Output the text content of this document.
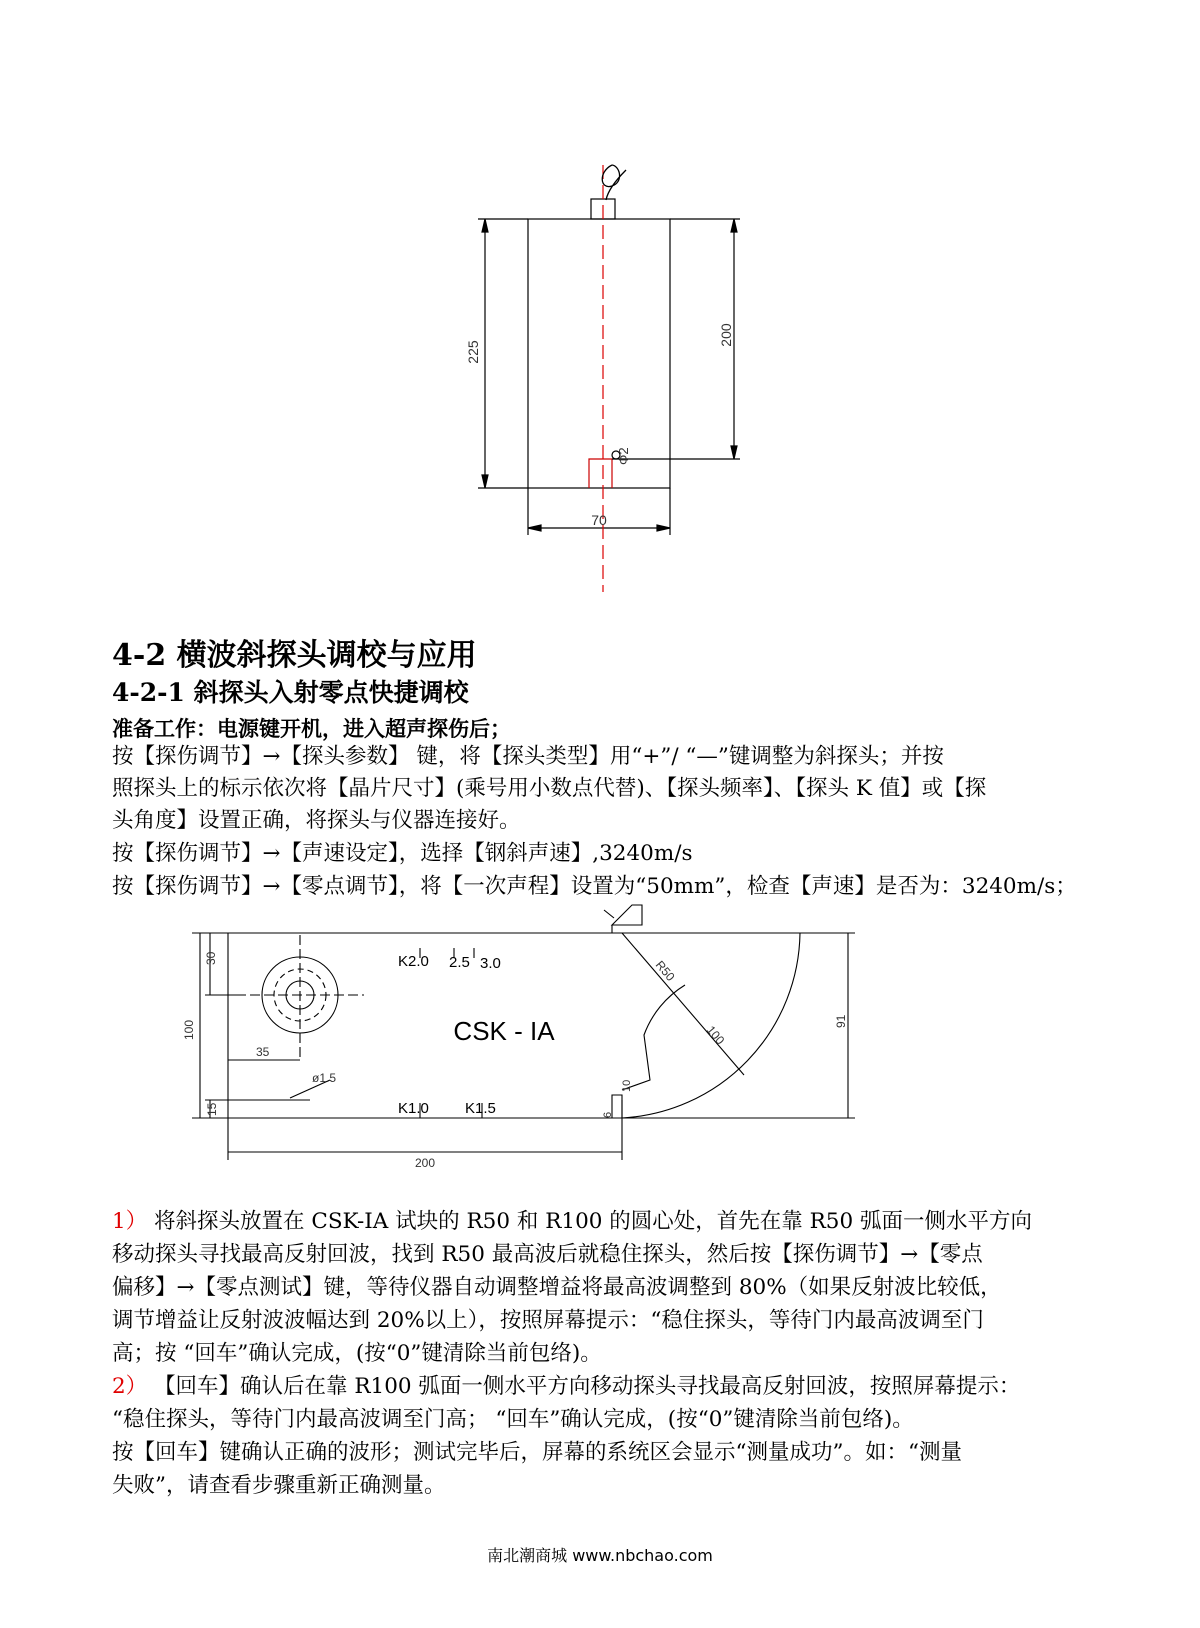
225
200
70
Φ2
4-2 横波斜探头调校与应用
4-2-1 斜探头入射零点快捷调校
准备工作：电源键开机，进入超声探伤后；
按【探伤调节】→【探头参数】 键，将【探头类型】用“+”/ “—”键调整为斜探头；并按
照探头上的标示依次将【晶片尺寸】(乘号用小数点代替)、【探头频率】、【探头 K 值】或【探
头角度】设置正确，将探头与仪器连接好。
按【探伤调节】→【声速设定】，选择【钢斜声速】,3240m/s
按【探伤调节】→【零点调节】，将【一次声程】设置为“50mm”，检查【声速】是否为：3240m/s；
CSK - IA
K2.0 2.5 3.0
K1.0 K1.5
30
100
35
15
ø1.5
200
R50
100
91
6
10
1） 将斜探头放置在 CSK-IA 试块的 R50 和 R100 的圆心处，首先在靠 R50 弧面一侧水平方向
移动探头寻找最高反射回波，找到 R50 最高波后就稳住探头，然后按【探伤调节】→【零点
偏移】→【零点测试】键，等待仪器自动调整增益将最高波调整到 80%（如果反射波比较低，
调节增益让反射波波幅达到 20%以上），按照屏幕提示：“稳住探头，等待门内最高波调至门
高；按 “回车”确认完成，(按“0”键清除当前包络)。
2） 【回车】确认后在靠 R100 弧面一侧水平方向移动探头寻找最高反射回波，按照屏幕提示：
“稳住探头，等待门内最高波调至门高； “回车”确认完成，(按“0”键清除当前包络)。
按【回车】键确认正确的波形；测试完毕后，屏幕的系统区会显示“测量成功”。如：“测量
失败”，请查看步骤重新正确测量。
南北潮商城 www.nbchao.com
